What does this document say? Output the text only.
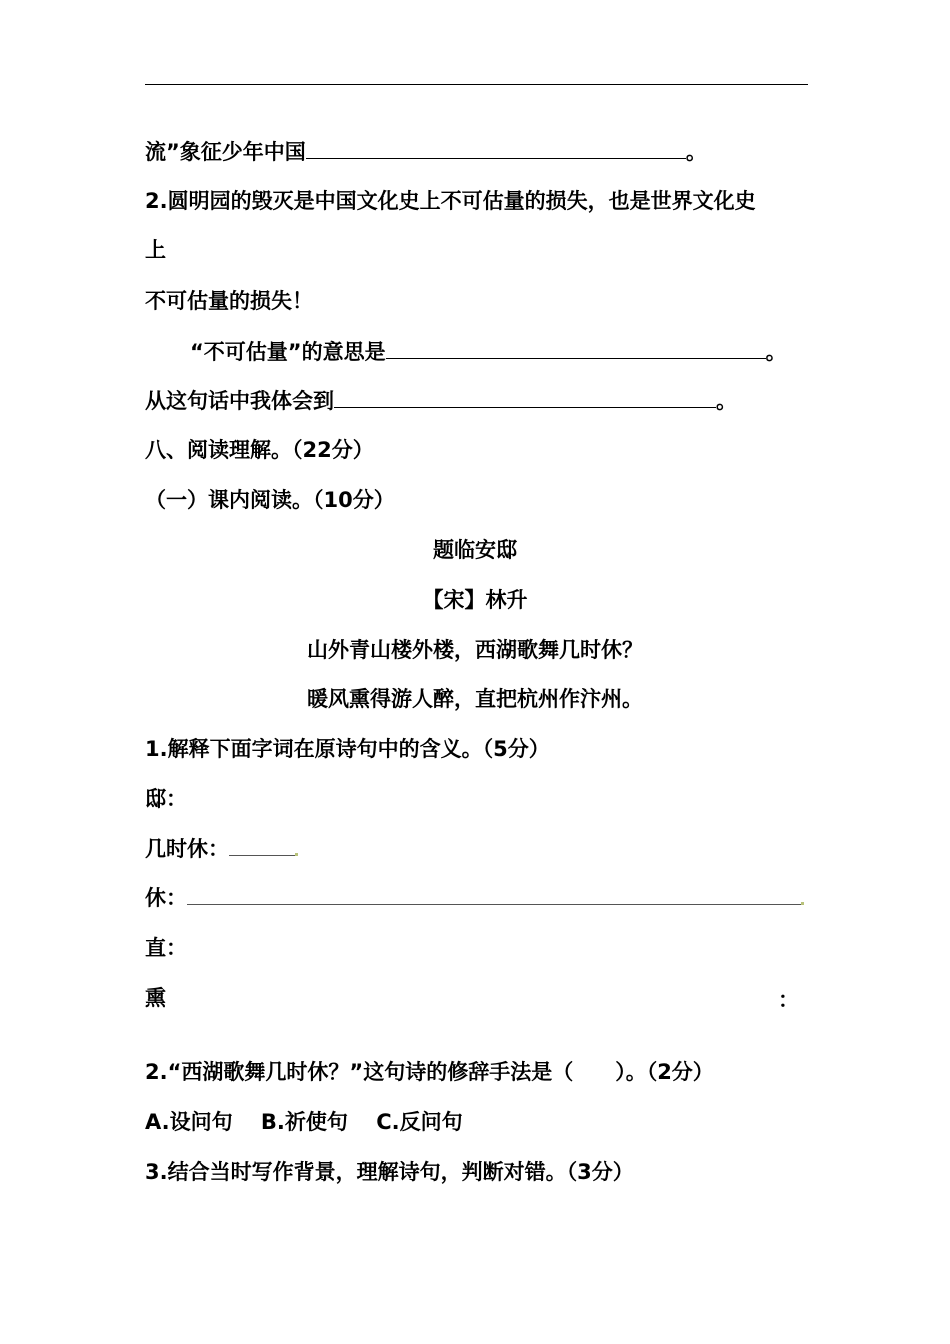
流”象征少年中国	。
2.圆明园的毁灭是中国文化史上不可估量的损失，也是世界文化史
上
不可估量的损失！
“不可估量”的意思是	。
从这句话中我体会到	。
八、阅读理解。（22分）
（一）课内阅读。（10分）
题临安邸
【宋】林升
山外青山楼外楼，西湖歌舞几时休？
暖风熏得游人醉，直把杭州作汴州。
1.解释下面字词在原诗句中的含义。（5分）
邸：
几时休：
休：
直：
熏	：
2.“西湖歌舞几时休？”这句诗的修辞手法是（　　）。（2分）
A.设问句　 B.祈使句　 C.反问句
3.结合当时写作背景，理解诗句，判断对错。（3分）
